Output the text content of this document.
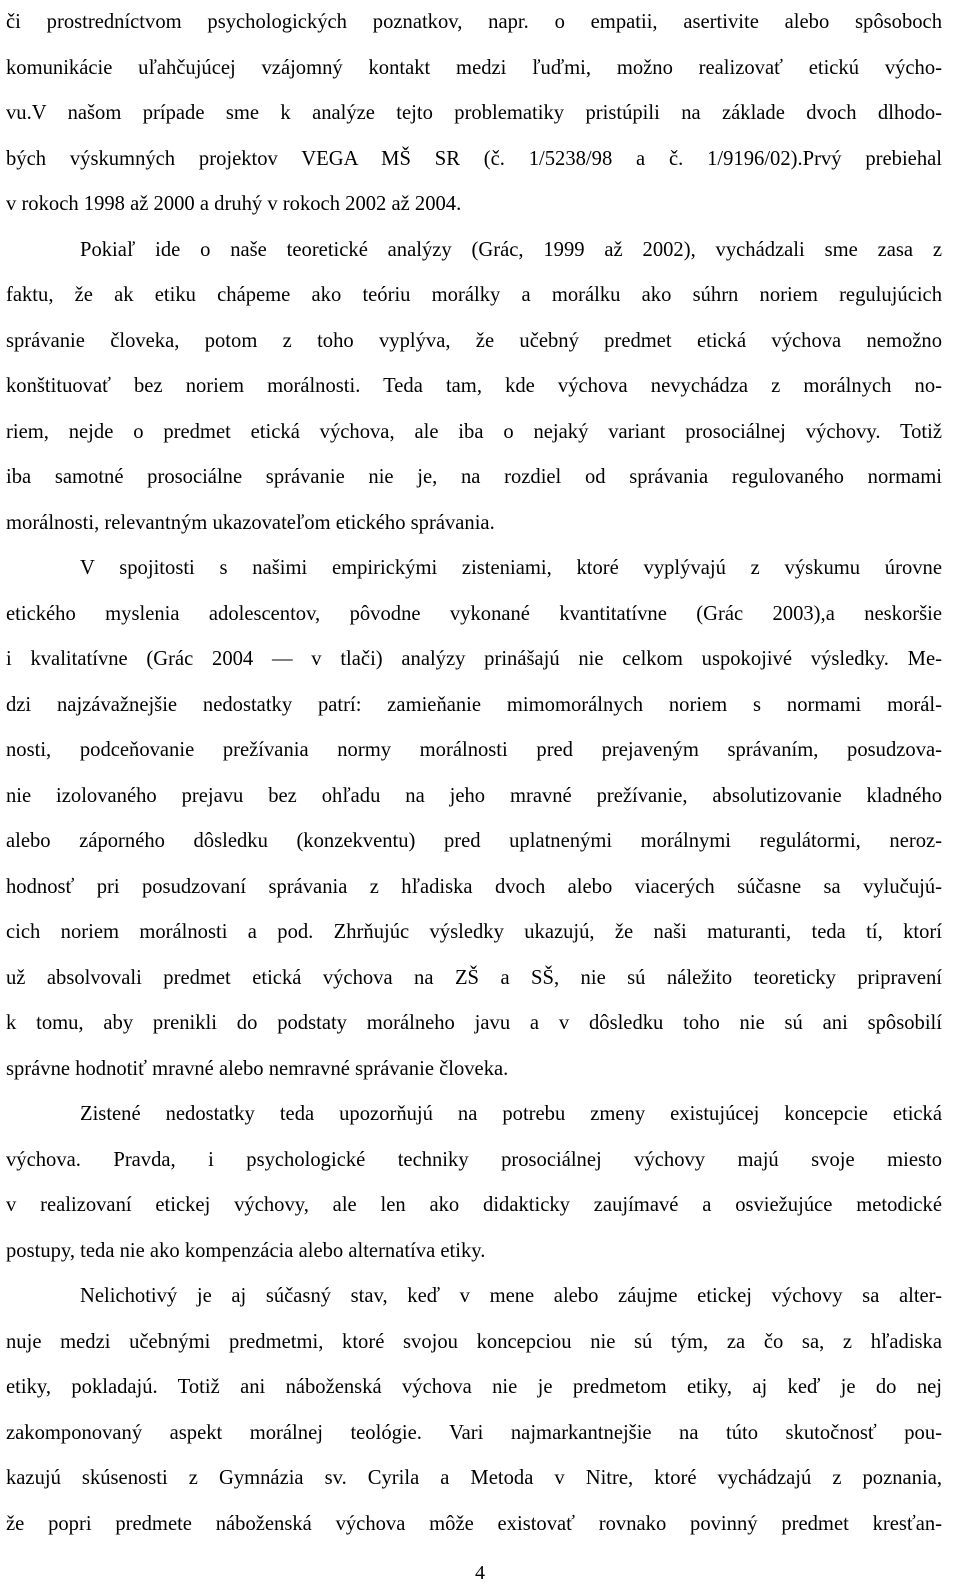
či prostredníctvom psychologických poznatkov, napr. o empatii, asertivite alebo spôsoboch
komunikácie uľahčujúcej vzájomný kontakt medzi ľuďmi, možno realizovať etickú výcho-
vu.V našom prípade sme k analýze tejto problematiky pristúpili na základe dvoch dlhodo-
bých výskumných projektov VEGA MŠ SR (č. 1/5238/98 a č. 1/9196/02).Prvý prebiehal
v rokoch 1998 až 2000 a druhý v rokoch 2002 až 2004.
Pokiaľ ide o naše teoretické analýzy (Grác, 1999 až 2002), vychádzali sme zasa z
faktu, že ak etiku chápeme ako teóriu morálky a morálku ako súhrn noriem regulujúcich
správanie človeka, potom z toho vyplýva, že učebný predmet etická výchova nemožno
konštituovať bez noriem morálnosti. Teda tam, kde výchova nevychádza z morálnych no-
riem, nejde o predmet etická výchova, ale iba o nejaký variant prosociálnej výchovy. Totiž
iba samotné prosociálne správanie nie je, na rozdiel od správania regulovaného normami
morálnosti, relevantným ukazovateľom etického správania.
V spojitosti s našimi empirickými zisteniami, ktoré vyplývajú z výskumu úrovne
etického myslenia adolescentov, pôvodne vykonané kvantitatívne (Grác 2003),a neskoršie
i kvalitatívne (Grác 2004 — v tlači) analýzy prinášajú nie celkom uspokojivé výsledky. Me-
dzi najzávažnejšie nedostatky patrí: zamieňanie mimomorálnych noriem s normami morál-
nosti, podceňovanie prežívania normy morálnosti pred prejaveným správaním, posudzova-
nie izolovaného prejavu bez ohľadu na jeho mravné prežívanie, absolutizovanie kladného
alebo záporného dôsledku (konzekventu) pred uplatnenými morálnymi regulátormi, neroz-
hodnosť pri posudzovaní správania z hľadiska dvoch alebo viacerých súčasne sa vylučujú-
cich noriem morálnosti a pod. Zhrňujúc výsledky ukazujú, že naši maturanti, teda tí, ktorí
už absolvovali predmet etická výchova na ZŠ a SŠ, nie sú náležito teoreticky pripravení
k tomu, aby prenikli do podstaty morálneho javu a v dôsledku toho nie sú ani spôsobilí
správne hodnotiť mravné alebo nemravné správanie človeka.
Zistené nedostatky teda upozorňujú na potrebu zmeny existujúcej koncepcie etická
výchova. Pravda, i psychologické techniky prosociálnej výchovy majú svoje miesto
v realizovaní etickej výchovy, ale len ako didakticky zaujímavé a osviežujúce metodické
postupy, teda nie ako kompenzácia alebo alternatíva etiky.
Nelichotivý je aj súčasný stav, keď v mene alebo záujme etickej výchovy sa alter-
nuje medzi učebnými predmetmi, ktoré svojou koncepciou nie sú tým, za čo sa, z hľadiska
etiky, pokladajú. Totiž ani náboženská výchova nie je predmetom etiky, aj keď je do nej
zakomponovaný aspekt morálnej teológie. Vari najmarkantnejšie na túto skutočnosť pou-
kazujú skúsenosti z Gymnázia sv. Cyrila a Metoda v Nitre, ktoré vychádzajú z poznania,
že popri predmete náboženská výchova môže existovať rovnako povinný predmet kresťan-
4
